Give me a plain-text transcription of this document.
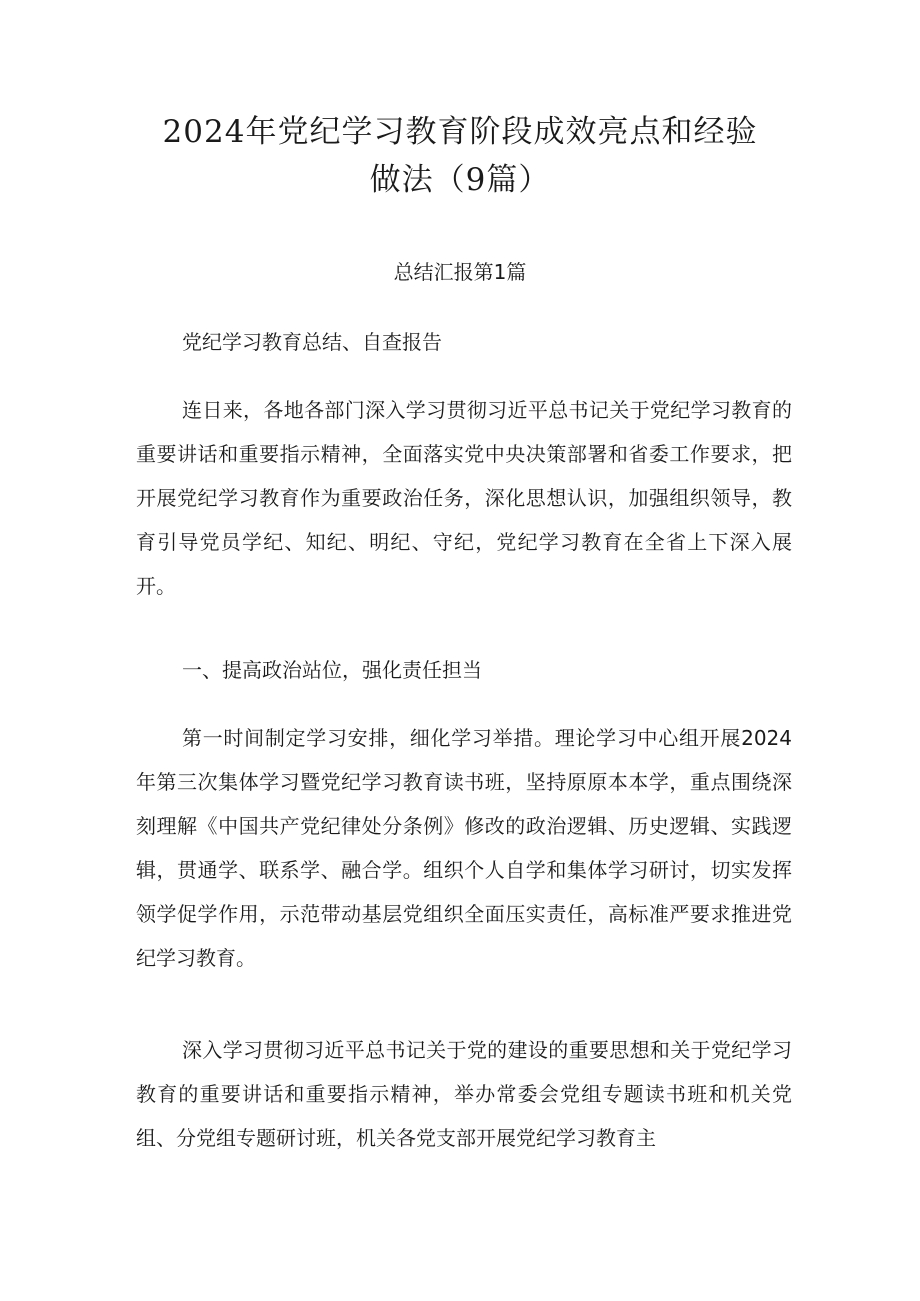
2024年党纪学习教育阶段成效亮点和经验
做法（9篇）

总结汇报第1篇

党纪学习教育总结、自查报告

连日来，各地各部门深入学习贯彻习近平总书记关于党纪学习教育的重要讲话和重要指示精神，全面落实党中央决策部署和省委工作要求，把开展党纪学习教育作为重要政治任务，深化思想认识，加强组织领导，教育引导党员学纪、知纪、明纪、守纪，党纪学习教育在全省上下深入展开。

一、提高政治站位，强化责任担当

第一时间制定学习安排，细化学习举措。理论学习中心组开展2024年第三次集体学习暨党纪学习教育读书班，坚持原原本本学，重点围绕深刻理解《中国共产党纪律处分条例》修改的政治逻辑、历史逻辑、实践逻辑，贯通学、联系学、融合学。组织个人自学和集体学习研讨，切实发挥领学促学作用，示范带动基层党组织全面压实责任，高标准严要求推进党纪学习教育。

深入学习贯彻习近平总书记关于党的建设的重要思想和关于党纪学习教育的重要讲话和重要指示精神，举办常委会党组专题读书班和机关党组、分党组专题研讨班，机关各党支部开展党纪学习教育主
